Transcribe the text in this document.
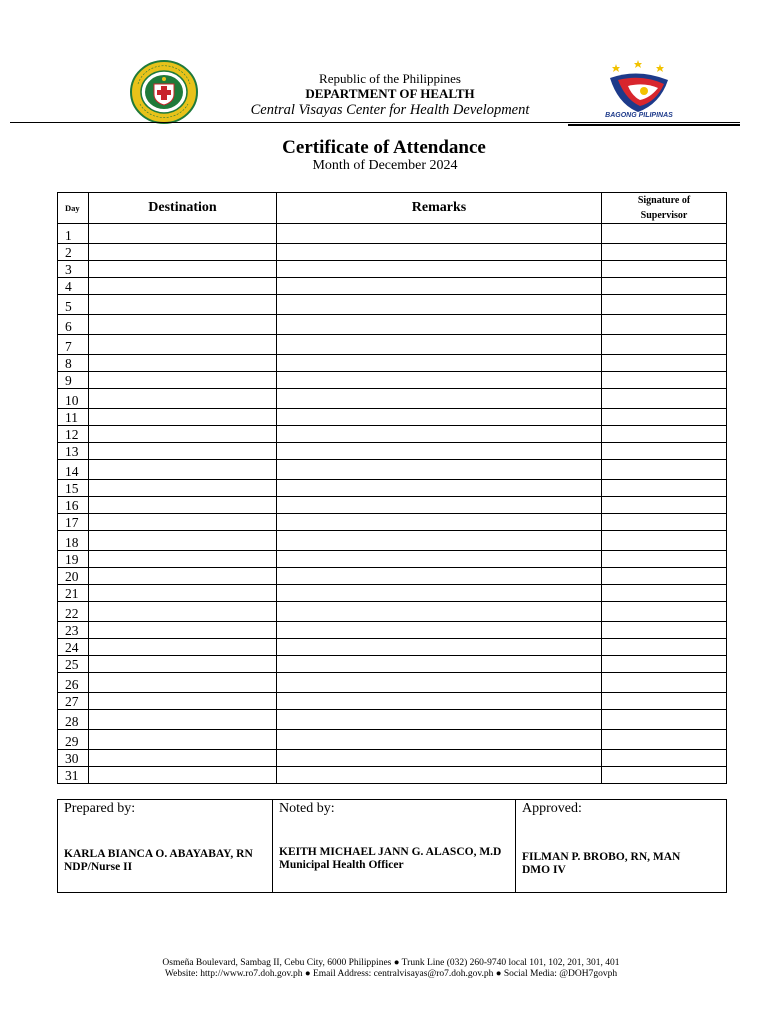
Republic of the Philippines
DEPARTMENT OF HEALTH
Central Visayas Center for Health Development	BAGONG PILIPINAS
Certificate of Attendance
Month of December 2024
Day	Destination	Remarks	Signature of
Supervisor
1			
2			
3			
4			
5			
6			
7			
8			
9			
10			
11			
12			
13			
14			
15			
16			
17			
18			
19			
20			
21			
22			
23			
24			
25			
26			
27			
28			
29			
30			
31			
Prepared by:
KARLA BIANCA O. ABAYABAY, RN
NDP/Nurse II

Noted by:
KEITH MICHAEL JANN G. ALASCO, M.D
Municipal Health Officer

Approved:
FILMAN P. BROBO, RN, MAN
DMO IV
Osmeña Boulevard, Sambag II, Cebu City, 6000 Philippines ● Trunk Line (032) 260-9740 local 101, 102, 201, 301, 401
Website: http://www.ro7.doh.gov.ph ● Email Address: centralvisayas@ro7.doh.gov.ph ● Social Media: @DOH7govph
